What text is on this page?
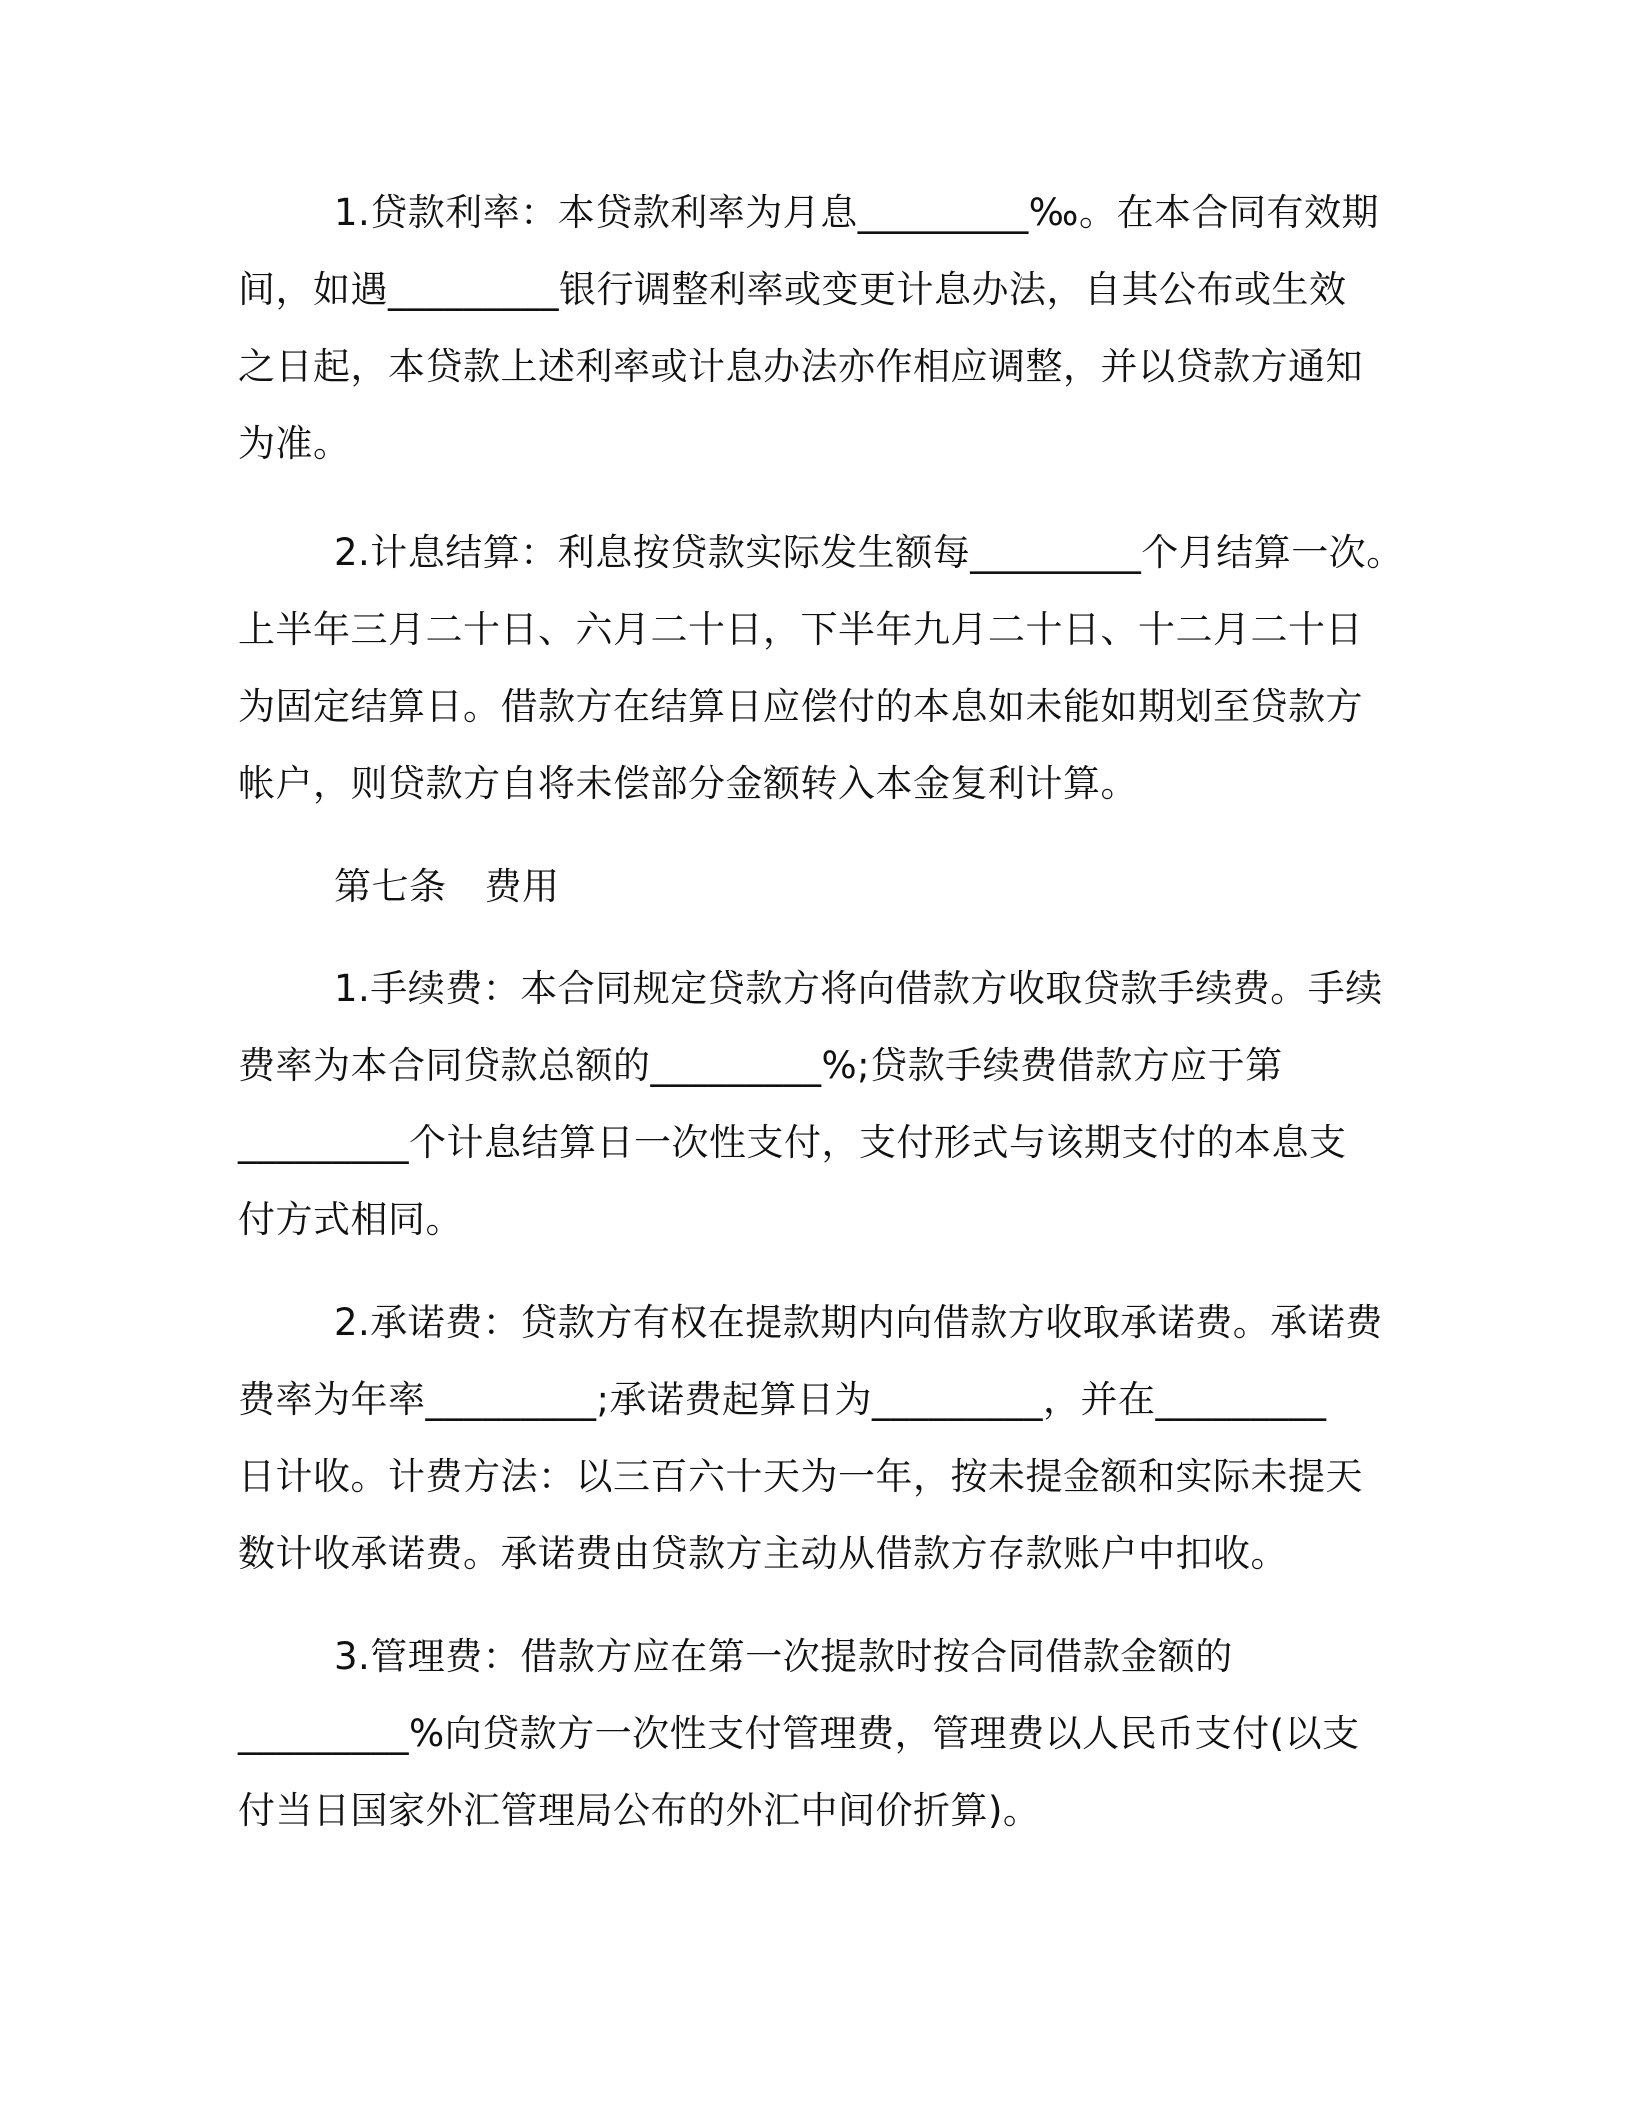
1.贷款利率：本贷款利率为月息_________‰。在本合同有效期
间，如遇_________银行调整利率或变更计息办法，自其公布或生效
之日起，本贷款上述利率或计息办法亦作相应调整，并以贷款方通知
为准。
2.计息结算：利息按贷款实际发生额每_________个月结算一次。
上半年三月二十日、六月二十日，下半年九月二十日、十二月二十日
为固定结算日。借款方在结算日应偿付的本息如未能如期划至贷款方
帐户，则贷款方自将未偿部分金额转入本金复利计算。
第七条 费用
1.手续费：本合同规定贷款方将向借款方收取贷款手续费。手续
费率为本合同贷款总额的_________%;贷款手续费借款方应于第
_________个计息结算日一次性支付，支付形式与该期支付的本息支
付方式相同。
2.承诺费：贷款方有权在提款期内向借款方收取承诺费。承诺费
费率为年率_________;承诺费起算日为_________，并在_________
日计收。计费方法：以三百六十天为一年，按未提金额和实际未提天
数计收承诺费。承诺费由贷款方主动从借款方存款账户中扣收。
3.管理费：借款方应在第一次提款时按合同借款金额的
_________%向贷款方一次性支付管理费，管理费以人民币支付(以支
付当日国家外汇管理局公布的外汇中间价折算)。
